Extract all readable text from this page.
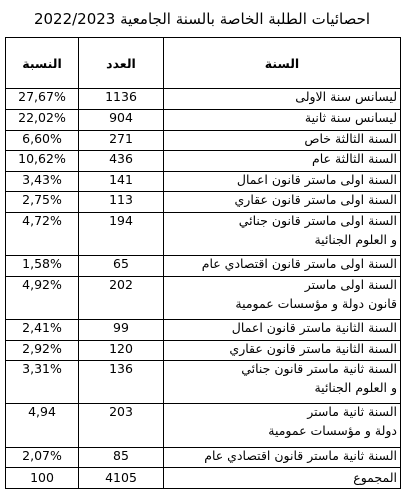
احصائيات الطلبة الخاصة بالسنة الجامعية 2022/2023
النسبة	العدد	السنة
27,67%	1136	ليسانس سنة الاولى

22,02%	904	ليسانس سنة ثانية

6,60%	271	السنة الثالثة خاص

10,62%	436	السنة الثالثة عام

3,43%	141	السنة اولى ماستر قانون اعمال

2,75%	113	السنة اولى ماستر قانون عقاري

4,72%	194	السنة اولى ماستر قانون جنائي
و العلوم الجنائية

1,58%	65	السنة اولى ماستر قانون اقتصادي عام

4,92%	202	السنة اولى ماستر
قانون دولة و مؤسسات عمومية

2,41%	99	السنة الثانية ماستر قانون اعمال

2,92%	120	السنة الثانية ماستر قانون عقاري

3,31%	136	السنة ثانية ماستر قانون جنائي
و العلوم الجنائية

4,94	203	السنة ثانية ماستر
دولة و مؤسسات عمومية

2,07%	85	السنة ثانية ماستر قانون اقتصادي عام

100	4105	المجموع
